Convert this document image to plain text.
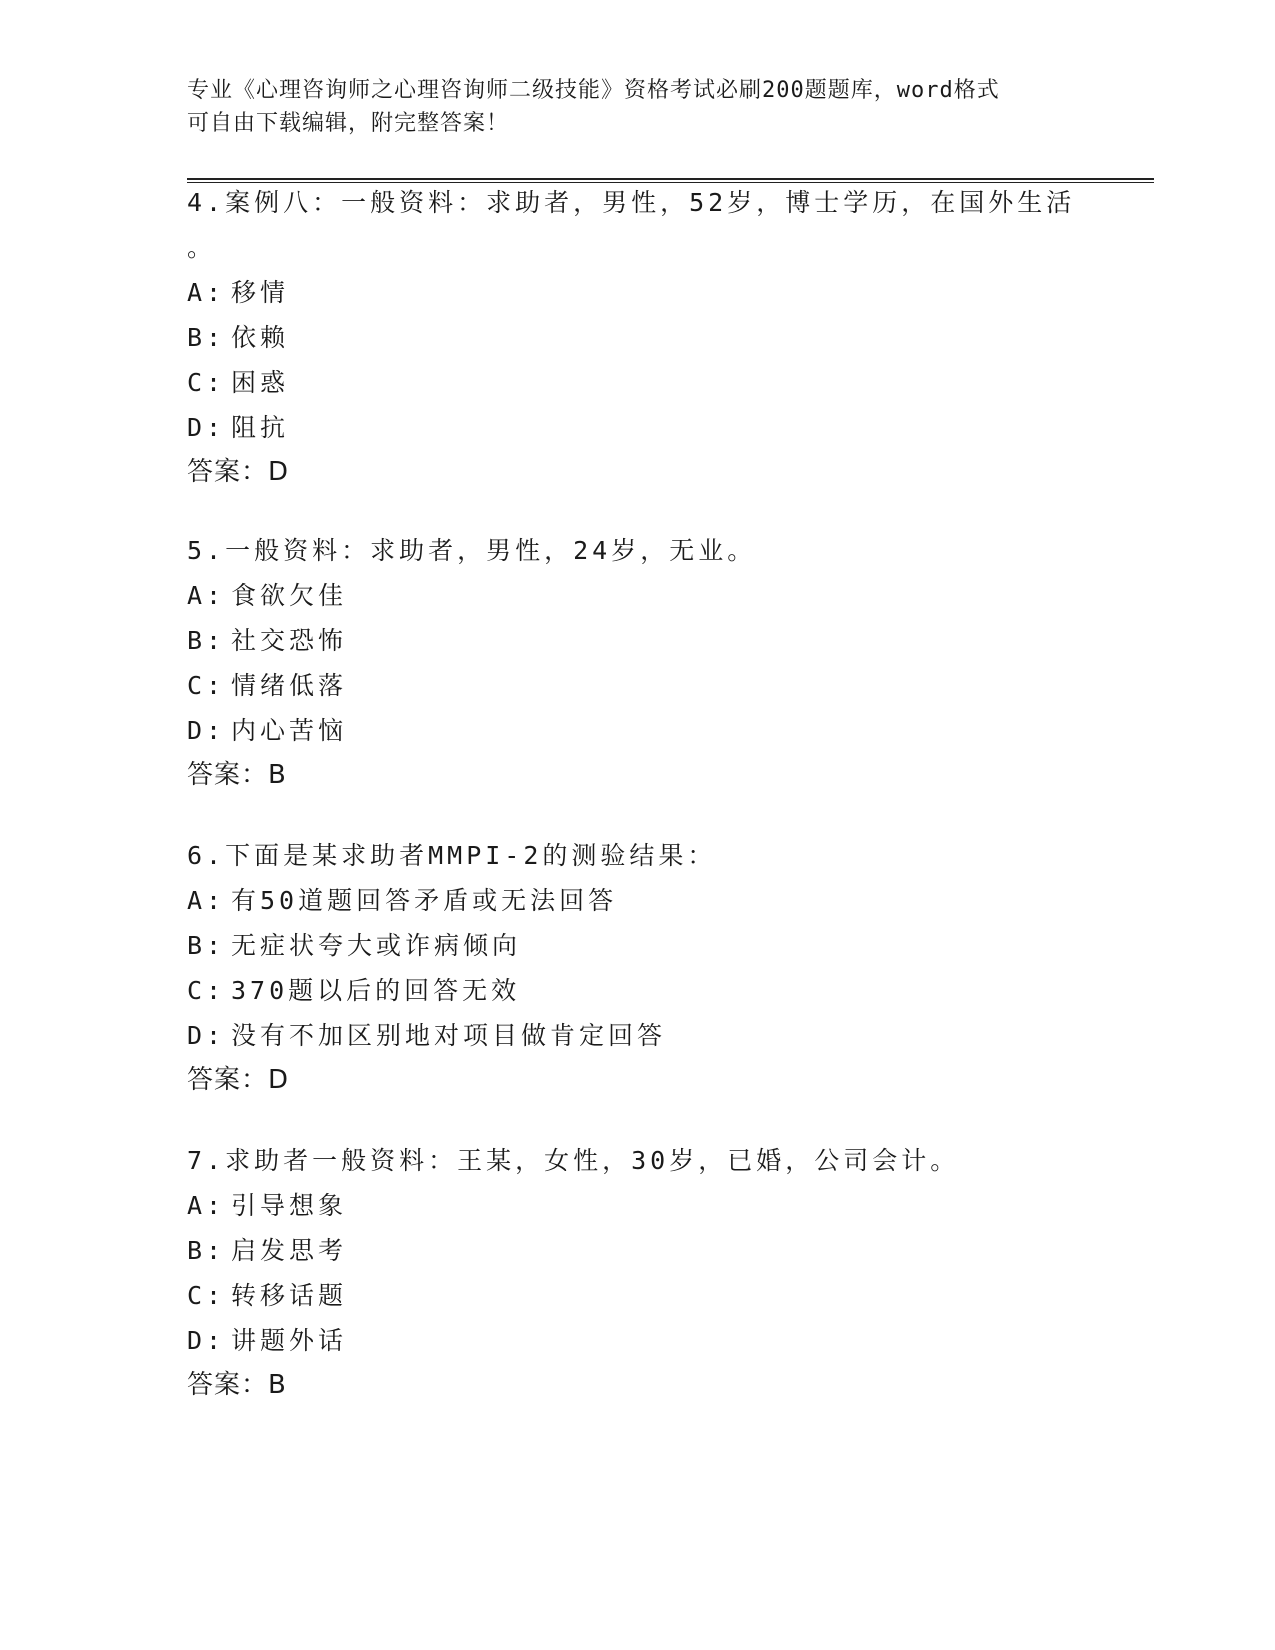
专业《心理咨询师之心理咨询师二级技能》资格考试必刷200题题库，word格式
可自由下载编辑，附完整答案！
4.案例八：一般资料：求助者，男性，52岁，博士学历，在国外生活
。
A: 移情
B: 依赖
C: 困惑
D: 阻抗
答案：D
5.一般资料：求助者，男性，24岁，无业。
A: 食欲欠佳
B: 社交恐怖
C: 情绪低落
D: 内心苦恼
答案：B
6.下面是某求助者MMPI-2的测验结果：
A: 有50道题回答矛盾或无法回答
B: 无症状夸大或诈病倾向
C: 370题以后的回答无效
D: 没有不加区别地对项目做肯定回答
答案：D
7.求助者一般资料：王某，女性，30岁，已婚，公司会计。
A: 引导想象
B: 启发思考
C: 转移话题
D: 讲题外话
答案：B
